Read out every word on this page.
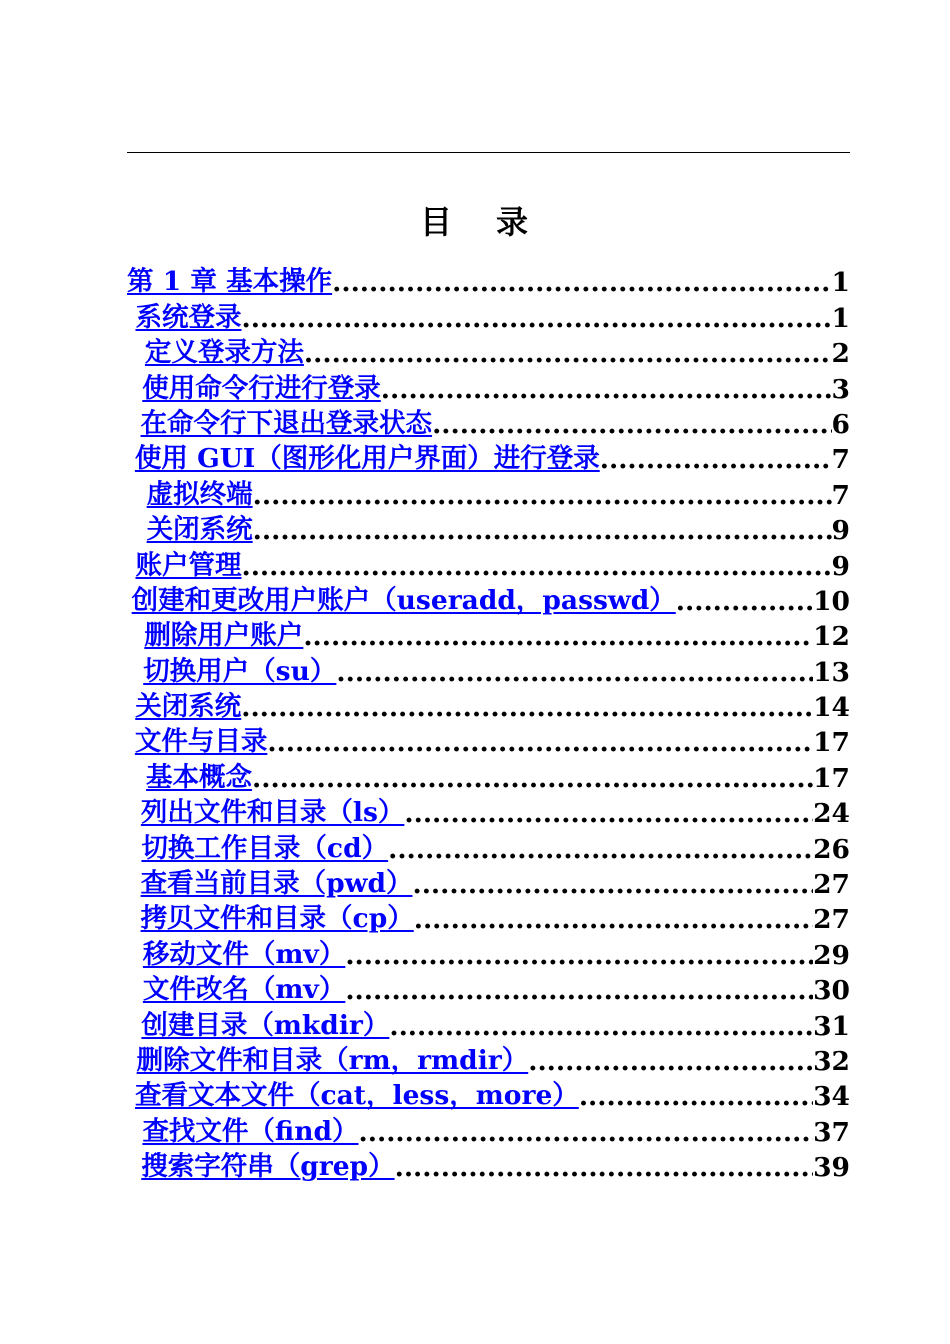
目 录
第 1 章 基本操作 .....	1
系统登录 .....	1
定义登录方法 .....	2
使用命令行进行登录 .....	3
在命令行下退出登录状态 .....	6
使用 GUI（图形化用户界面）进行登录 .....	7
虚拟终端 .....	7
关闭系统 .....	9
账户管理 .....	9
创建和更改用户账户（useradd，passwd） .....	10
删除用户账户 .....	12
切换用户（su） .....	13
关闭系统 .....	14
文件与目录 .....	17
基本概念 .....	17
列出文件和目录（ls） .....	24
切换工作目录（cd） .....	26
查看当前目录（pwd） .....	27
拷贝文件和目录（cp） .....	27
移动文件（mv） .....	29
文件改名（mv） .....	30
创建目录（mkdir） .....	31
删除文件和目录（rm，rmdir） .....	32
查看文本文件（cat，less，more） .....	34
查找文件（find） .....	37
搜索字符串（grep） .....	39
